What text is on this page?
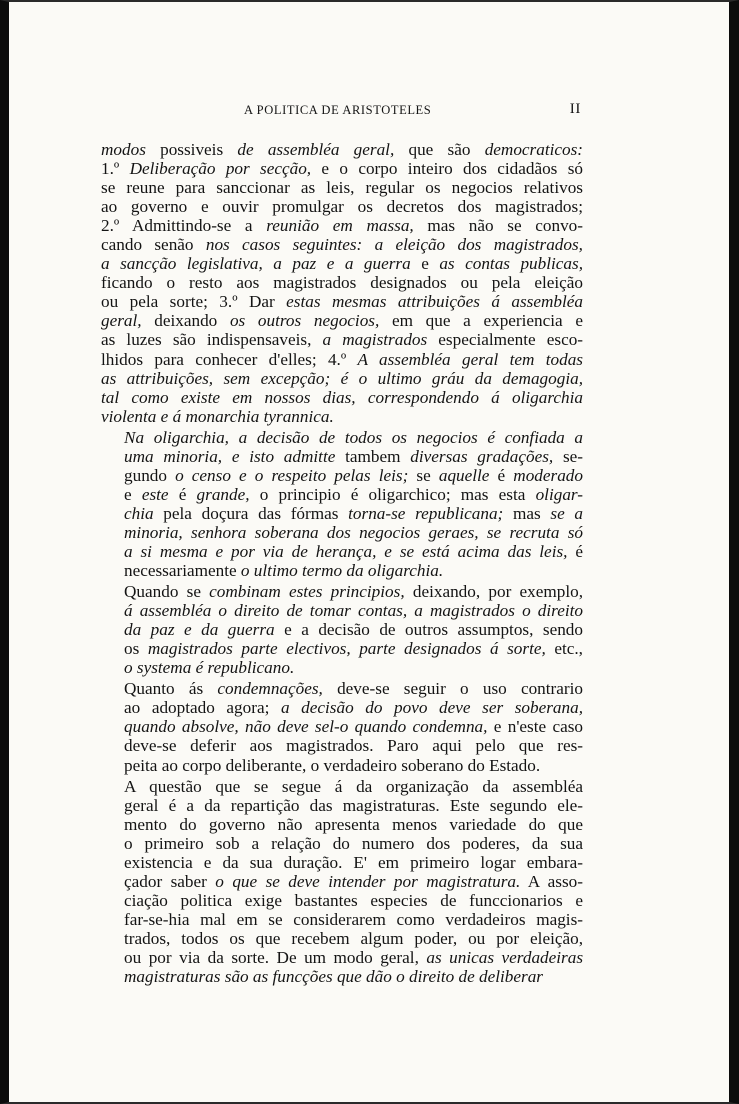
A POLITICA DE ARISTOTELES	II

modos possiveis de assembléa geral, que são democraticos:
1.º Deliberação por secção, e o corpo inteiro dos cidadãos só
se reune para sanccionar as leis, regular os negocios relativos
ao governo e ouvir promulgar os decretos dos magistrados;
2.º Admittindo-se a reunião em massa, mas não se convo-
cando senão nos casos seguintes: a eleição dos magistrados,
a sancção legislativa, a paz e a guerra e as contas publicas,
ficando o resto aos magistrados designados ou pela eleição
ou pela sorte; 3.º Dar estas mesmas attribuições á assembléa
geral, deixando os outros negocios, em que a experiencia e
as luzes são indispensaveis, a magistrados especialmente esco-
lhidos para conhecer d'elles; 4.º A assembléa geral tem todas
as attribuições, sem excepção; é o ultimo gráu da demagogia,
tal como existe em nossos dias, correspondendo á oligarchia
violenta e á monarchia tyrannica.

Na oligarchia, a decisão de todos os negocios é confiada a
uma minoria, e isto admitte tambem diversas gradações, se-
gundo o censo e o respeito pelas leis; se aquelle é moderado
e este é grande, o principio é oligarchico; mas esta oligar-
chia pela doçura das fórmas torna-se republicana; mas se a
minoria, senhora soberana dos negocios geraes, se recruta só
a si mesma e por via de herança, e se está acima das leis, é
necessariamente o ultimo termo da oligarchia.

Quando se combinam estes principios, deixando, por exemplo,
á assembléa o direito de tomar contas, a magistrados o direito
da paz e da guerra e a decisão de outros assumptos, sendo
os magistrados parte electivos, parte designados á sorte, etc.,
o systema é republicano.

Quanto ás condemnações, deve-se seguir o uso contrario
ao adoptado agora; a decisão do povo deve ser soberana,
quando absolve, não deve sel-o quando condemna, e n'este caso
deve-se deferir aos magistrados. Paro aqui pelo que res-
peita ao corpo deliberante, o verdadeiro soberano do Estado.

A questão que se segue á da organização da assembléa
geral é a da repartição das magistraturas. Este segundo ele-
mento do governo não apresenta menos variedade do que
o primeiro sob a relação do numero dos poderes, da sua
existencia e da sua duração. E' em primeiro logar embara-
çador saber o que se deve intender por magistratura. A asso-
ciação politica exige bastantes especies de funccionarios e
far-se-hia mal em se considerarem como verdadeiros magis-
trados, todos os que recebem algum poder, ou por eleição,
ou por via da sorte. De um modo geral, as unicas verdadeiras
magistraturas são as funcções que dão o direito de deliberar
